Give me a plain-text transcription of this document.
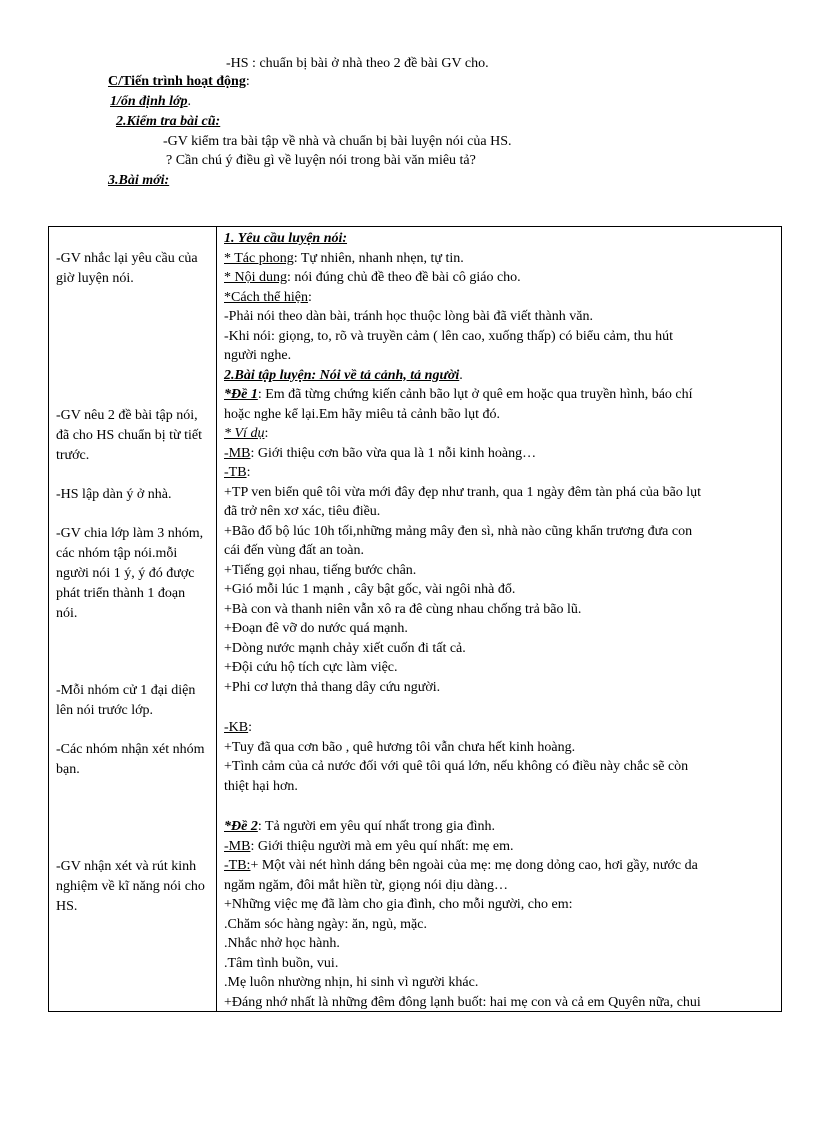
-HS : chuẩn bị bài ở nhà theo 2 đề bài GV cho.
C/Tiến trình hoạt động:
1/ổn định lớp.
2.Kiểm tra bài cũ:
-GV kiểm tra bài tập về nhà và chuẩn bị bài luyện nói của HS.
? Cần chú ý điều gì về luyện nói trong bài văn miêu tả?
3.Bài mới:
-GV nhắc lại yêu cầu của giờ luyện nói.
-GV nêu 2 đề bài tập nói, đã cho HS chuẩn bị từ tiết trước.
-HS lập dàn ý ở nhà.
-GV chia lớp làm 3 nhóm, các nhóm tập nói.mỗi người nói 1 ý, ý đó được phát triển thành 1 đoạn nói.
-Mỗi nhóm cử 1 đại diện lên nói trước lớp.
-Các nhóm nhận xét nhóm bạn.
-GV nhận xét và rút kinh nghiệm về kĩ năng nói cho HS.
1. Yêu cầu luyện nói:
* Tác phong: Tự nhiên, nhanh nhẹn, tự tin.
* Nội dung: nói đúng chủ đề theo đề bài cô giáo cho.
*Cách thể hiện:
-Phải nói theo dàn bài, tránh học thuộc lòng bài đã viết thành văn.
-Khi nói: giọng, to, rõ và truyền cảm ( lên cao, xuống thấp) có biểu cảm, thu hút
người nghe.
2.Bài tập luyện: Nói về tả cảnh, tả người.
*Đề 1: Em đã từng chứng kiến cảnh bão lụt ở quê em hoặc qua truyền hình, báo chí
hoặc nghe kể lại.Em hãy miêu tả cảnh bão lụt đó.
* Ví dụ:
-MB: Giới thiệu cơn bão vừa qua là 1 nỗi kinh hoàng…
-TB:
+TP ven biển quê tôi vừa mới đây đẹp như tranh, qua 1 ngày đêm tàn phá của bão lụt
đã trở nên xơ xác, tiêu điều.
+Bão đổ bộ lúc 10h tối,những mảng mây đen sì, nhà nào cũng khẩn trương đưa con
cái đến vùng đất an toàn.
+Tiếng gọi nhau, tiếng bước chân.
+Gió mỗi lúc 1 mạnh , cây bật gốc, vài ngôi nhà đổ.
+Bà con và thanh niên vẫn xô ra đê cùng nhau chống trả bão lũ.
+Đoạn đê vỡ do nước quá mạnh.
+Dòng nước mạnh chảy xiết cuốn đi tất cả.
+Đội cứu hộ tích cực làm việc.
+Phi cơ lượn thả thang dây cứu người.
-KB:
+Tuy đã qua cơn bão , quê hương tôi vẫn chưa hết kinh hoàng.
+Tình cảm của cả nước đối với quê tôi quá lớn, nếu không có điều này chắc sẽ còn
thiệt hại hơn.
*Đề 2: Tả người em yêu quí nhất trong gia đình.
-MB: Giới thiệu người mà em yêu quí nhất: mẹ em.
-TB:+ Một vài nét hình dáng bên ngoài của mẹ: mẹ dong dỏng cao, hơi gầy, nước da
ngăm ngăm, đôi mắt hiền từ, giọng nói dịu dàng…
+Những việc mẹ đã làm cho gia đình, cho mỗi người, cho em:
.Chăm sóc hàng ngày: ăn, ngủ, mặc.
.Nhắc nhở học hành.
.Tâm tình buồn, vui.
.Mẹ luôn nhường nhịn, hi sinh vì người khác.
+Đáng nhớ nhất là những đêm đông lạnh buốt: hai mẹ con và cả em Quyên nữa, chui
